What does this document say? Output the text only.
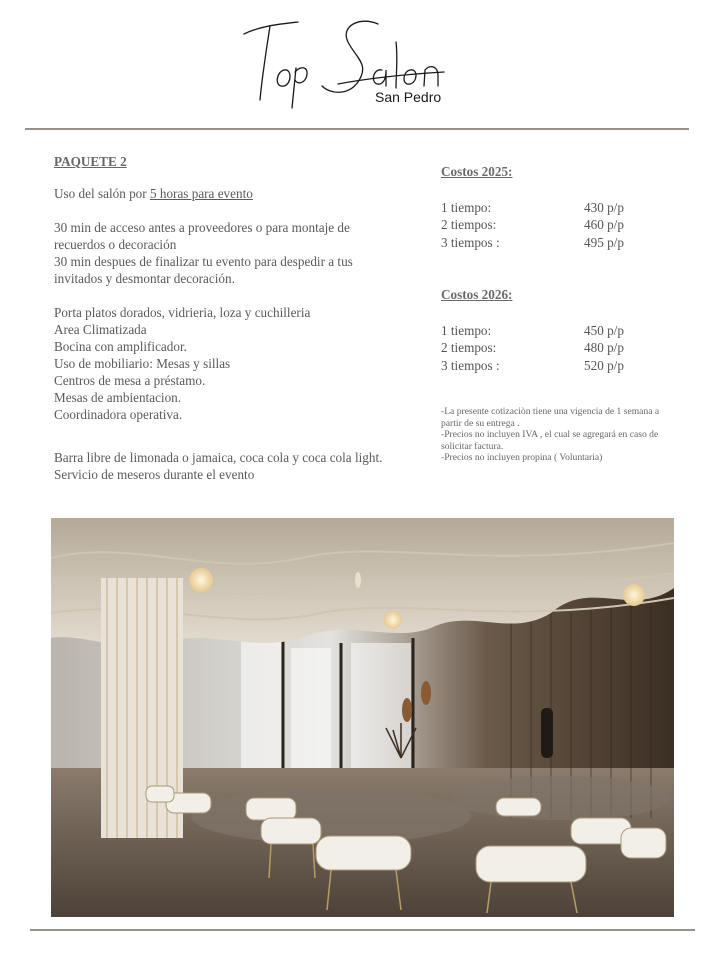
San Pedro
PAQUETE 2
Uso del salón por 5 horas para evento
30 min de acceso antes a proveedores o para montaje de
recuerdos o decoración
30 min despues de finalizar tu evento para despedir a tus
invitados y desmontar decoración.
Porta platos dorados, vidrieria, loza y cuchilleria
Area Climatizada
Bocina con amplificador.
Uso de mobiliario: Mesas y sillas
Centros de mesa a préstamo.
Mesas de ambientacion.
Coordinadora operativa.
Barra libre de limonada o jamaica, coca cola y coca cola light.
Servicio de meseros durante el evento
Costos 2025:
1 tiempo:	430 p/p
2 tiempos:	460 p/p
3 tiempos :	495 p/p
Costos 2026:
1 tiempo:	450 p/p
2 tiempos:	480 p/p
3 tiempos :	520 p/p
-La presente cotizaciòn tiene una vigencia de 1 semana a
partir de su entrega .
-Precios no incluyen IVA , el cual se agregará en caso de
solicitar factura.
-Precios no incluyen propina ( Voluntaria)
